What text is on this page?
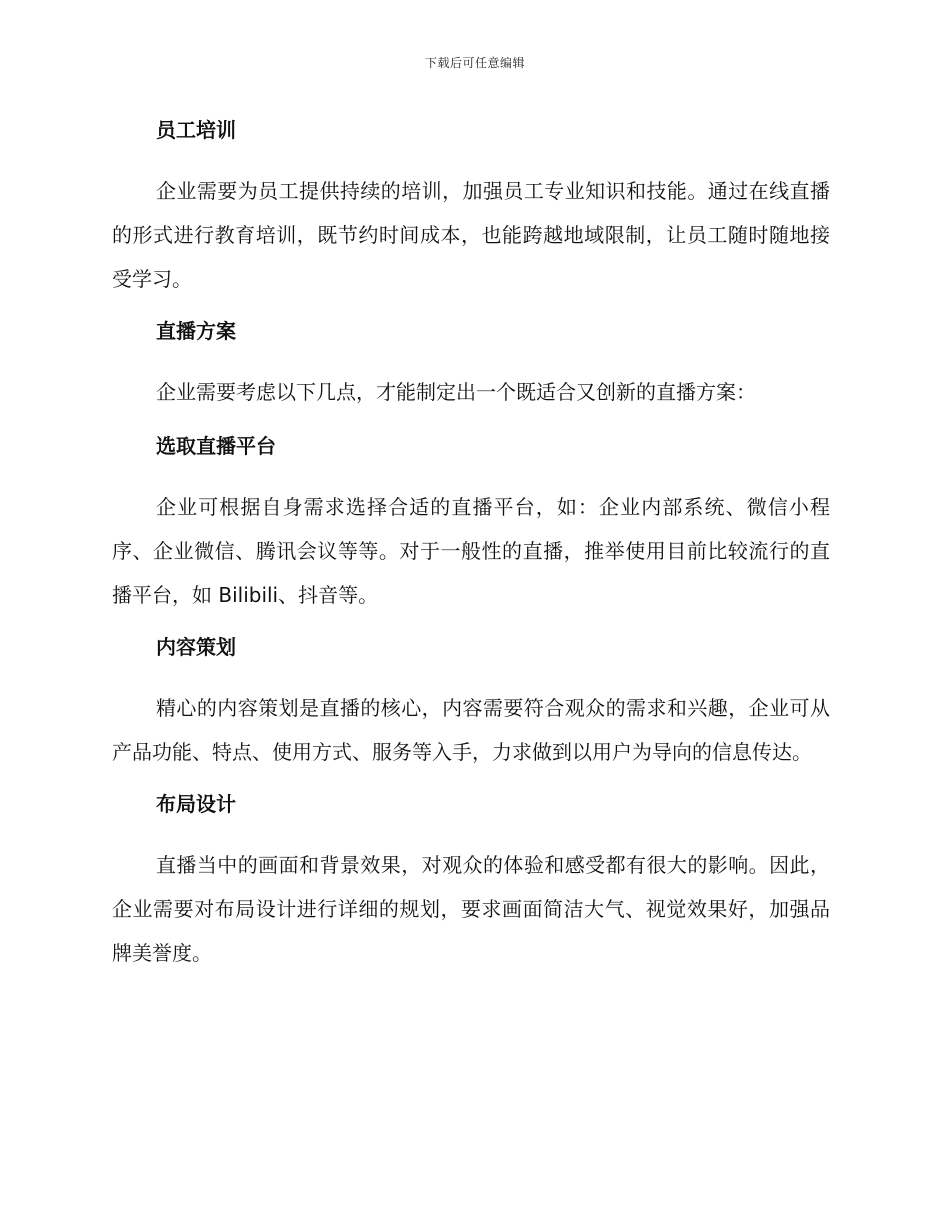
下载后可任意编辑
员工培训

企业需要为员工提供持续的培训，加强员工专业知识和技能。通过在线直播的形式进行教育培训，既节约时间成本，也能跨越地域限制，让员工随时随地接受学习。

直播方案

企业需要考虑以下几点，才能制定出一个既适合又创新的直播方案：

选取直播平台

企业可根据自身需求选择合适的直播平台，如：企业内部系统、微信小程序、企业微信、腾讯会议等等。对于一般性的直播，推举使用目前比较流行的直播平台，如 Bilibili、抖音等。

内容策划

精心的内容策划是直播的核心，内容需要符合观众的需求和兴趣，企业可从产品功能、特点、使用方式、服务等入手，力求做到以用户为导向的信息传达。

布局设计

直播当中的画面和背景效果，对观众的体验和感受都有很大的影响。因此，企业需要对布局设计进行详细的规划，要求画面简洁大气、视觉效果好，加强品牌美誉度。
